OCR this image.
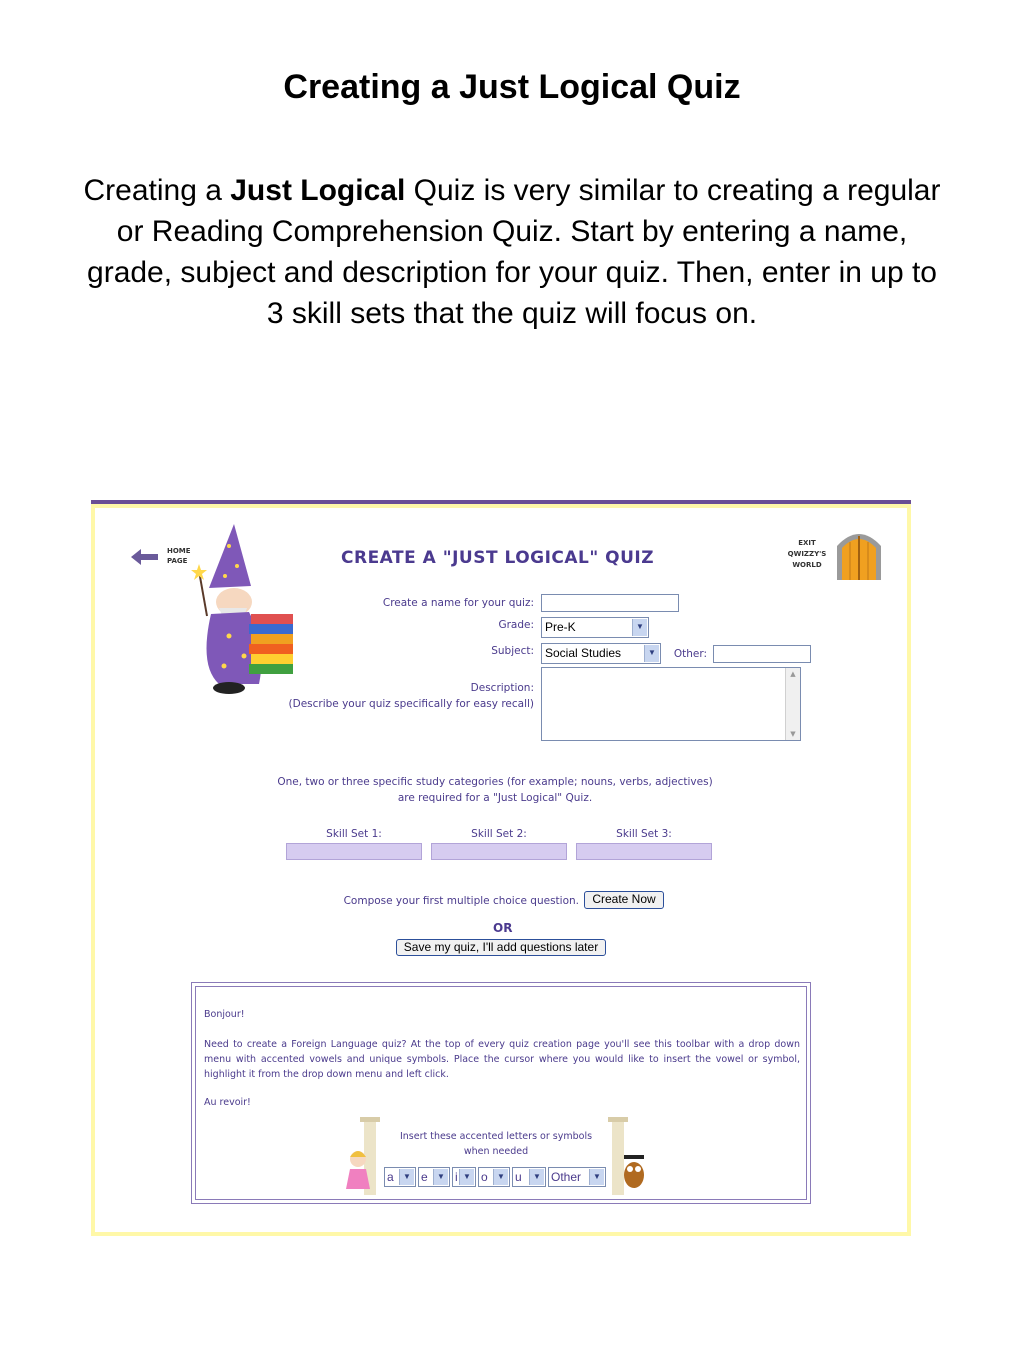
Creating a Just Logical Quiz
Creating a Just Logical Quiz is very similar to creating a regular or Reading Comprehension Quiz. Start by entering a name, grade, subject and description for your quiz. Then, enter in up to 3 skill sets that the quiz will focus on.
HOME
PAGE	CREATE A "JUST LOGICAL" QUIZ
EXIT
QWIZZY'S
WORLD
Create a name for your quiz:
Grade: Pre-K	▼
Subject: Social Studies	▼	Other:
Description:
(Describe your quiz specifically for easy recall)
▲
▼
One, two or three specific study categories (for example; nouns, verbs, adjectives)
are required for a "Just Logical" Quiz.
Skill Set 1:	Skill Set 2:	Skill Set 3:
Compose your first multiple choice question.	Create Now
OR
Save my quiz, I'll add questions later
Bonjour!
Need to create a Foreign Language quiz? At the top of every quiz creation page you'll see this toolbar with a drop down menu with accented vowels and unique symbols. Place the cursor where you would like to insert the vowel or symbol, highlight it from the drop down menu and left click.
Au revoir!
Insert these accented letters or symbols
when needed
a	▼ e	▼ i ▼ o	▼ u	▼ Other	▼
